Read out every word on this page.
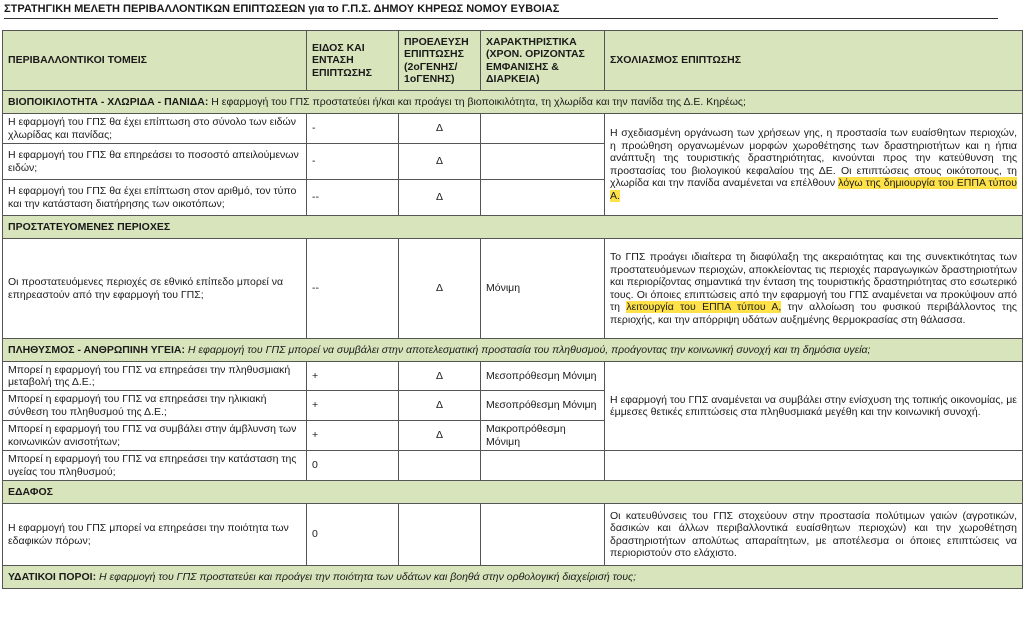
ΣΤΡΑΤΗΓΙΚΗ ΜΕΛΕΤΗ ΠΕΡΙΒΑΛΛΟΝΤΙΚΩΝ ΕΠΙΠΤΩΣΕΩΝ για το Γ.Π.Σ. ΔΗΜΟΥ ΚΗΡΕΩΣ ΝΟΜΟΥ ΕΥΒΟΙΑΣ
ΠΕΡΙΒΑΛΛΟΝΤΙΚΟΙ ΤΟΜΕΙΣ	ΕΙΔΟΣ ΚΑΙ ΕΝΤΑΣΗ ΕΠΙΠΤΩΣΗΣ	ΠΡΟΕΛΕΥΣΗ ΕΠΙΠΤΩΣΗΣ (2οΓΕΝΗΣ/ 1οΓΕΝΗΣ)	ΧΑΡΑΚΤΗΡΙΣΤΙΚΑ (ΧΡΟΝ. ΟΡΙΖΟΝΤΑΣ ΕΜΦΑΝΙΣΗΣ & ΔΙΑΡΚΕΙΑ)	ΣΧΟΛΙΑΣΜΟΣ ΕΠΙΠΤΩΣΗΣ
ΒΙΟΠΟΙΚΙΛΟΤΗΤΑ - ΧΛΩΡΙΔΑ - ΠΑΝΙΔΑ: Η εφαρμογή του ΓΠΣ προστατεύει ή/και και προάγει τη βιοποικιλότητα, τη χλωρίδα και την πανίδα της Δ.Ε. Κηρέως;				
Η εφαρμογή του ΓΠΣ θα έχει επίπτωση στο σύνολο των ειδών χλωρίδας και πανίδας;	-	Δ		Η σχεδιασμένη οργάνωση των χρήσεων γης, η προστασία των ευαίσθητων περιοχών, η προώθηση οργανωμένων μορφών χωροθέτησης των δραστηριοτήτων και η ήπια ανάπτυξη της τουριστικής δραστηριότητας, κινούνται προς την κατεύθυνση της προστασίας του βιολογικού κεφαλαίου της ΔΕ. Οι επιπτώσεις στους οικότοπους, τη χλωρίδα και την πανίδα αναμένεται να επέλθουν λόγω της δημιουργία του ΕΠΠΑ τύπου Α.
Η εφαρμογή του ΓΠΣ θα επηρεάσει το ποσοστό απειλούμενων ειδών;	-	Δ		
Η εφαρμογή του ΓΠΣ θα έχει επίπτωση στον αριθμό, τον τύπο και την κατάσταση διατήρησης των οικοτόπων;	--	Δ		
ΠΡΟΣΤΑΤΕΥΟΜΕΝΕΣ ΠΕΡΙΟΧΕΣ				
Οι προστατευόμενες περιοχές σε εθνικό επίπεδο μπορεί να επηρεαστούν από την εφαρμογή του ΓΠΣ;	--	Δ	Μόνιμη	Το ΓΠΣ προάγει ιδιαίτερα τη διαφύλαξη της ακεραιότητας και της συνεκτικότητας των προστατευόμενων περιοχών, αποκλείοντας τις περιοχές παραγωγικών δραστηριοτήτων και περιορίζοντας σημαντικά την ένταση της τουριστικής δραστηριότητας στο εσωτερικό τους. Οι όποιες επιπτώσεις από την εφαρμογή του ΓΠΣ αναμένεται να προκύψουν από τη λειτουργία του ΕΠΠΑ τύπου Α, την αλλοίωση του φυσικού περιβάλλοντος της περιοχής, και την απόρριψη υδάτων αυξημένης θερμοκρασίας στη θάλασσα.
ΠΛΗΘΥΣΜΟΣ - ΑΝΘΡΩΠΙΝΗ ΥΓΕΙΑ: Η εφαρμογή του ΓΠΣ μπορεί να συμβάλει στην αποτελεσματική προστασία του πληθυσμού, προάγοντας την κοινωνική συνοχή και τη δημόσια υγεία;				
Μπορεί η εφαρμογή του ΓΠΣ να επηρεάσει την πληθυσμιακή μεταβολή της Δ.Ε.;	+	Δ	Μεσοπρόθεσμη Μόνιμη	Η εφαρμογή του ΓΠΣ αναμένεται να συμβάλει στην ενίσχυση της τοπικής οικονομίας, με έμμεσες θετικές επιπτώσεις στα πληθυσμιακά μεγέθη και την κοινωνική συνοχή.
Μπορεί η εφαρμογή του ΓΠΣ να επηρεάσει την ηλικιακή σύνθεση του πληθυσμού της Δ.Ε.;	+	Δ	Μεσοπρόθεσμη Μόνιμη	
Μπορεί η εφαρμογή του ΓΠΣ να συμβάλει στην άμβλυνση των κοινωνικών ανισοτήτων;	+	Δ	Μακροπρόθεσμη Μόνιμη	
Μπορεί η εφαρμογή του ΓΠΣ να επηρεάσει την κατάσταση της υγείας του πληθυσμού;	0			
ΕΔΑΦΟΣ				
Η εφαρμογή του ΓΠΣ μπορεί να επηρεάσει την ποιότητα των εδαφικών πόρων;	0			Οι κατευθύνσεις του ΓΠΣ στοχεύουν στην προστασία πολύτιμων γαιών (αγροτικών, δασικών και άλλων περιβαλλοντικά ευαίσθητων περιοχών) και την χωροθέτηση δραστηριοτήτων απολύτως απαραίτητων, με αποτέλεσμα οι όποιες επιπτώσεις να περιοριστούν στο ελάχιστο.
ΥΔΑΤΙΚΟΙ ΠΟΡΟΙ: Η εφαρμογή του ΓΠΣ προστατεύει και προάγει την ποιότητα των υδάτων και βοηθά στην ορθολογική διαχείρισή τους;				
